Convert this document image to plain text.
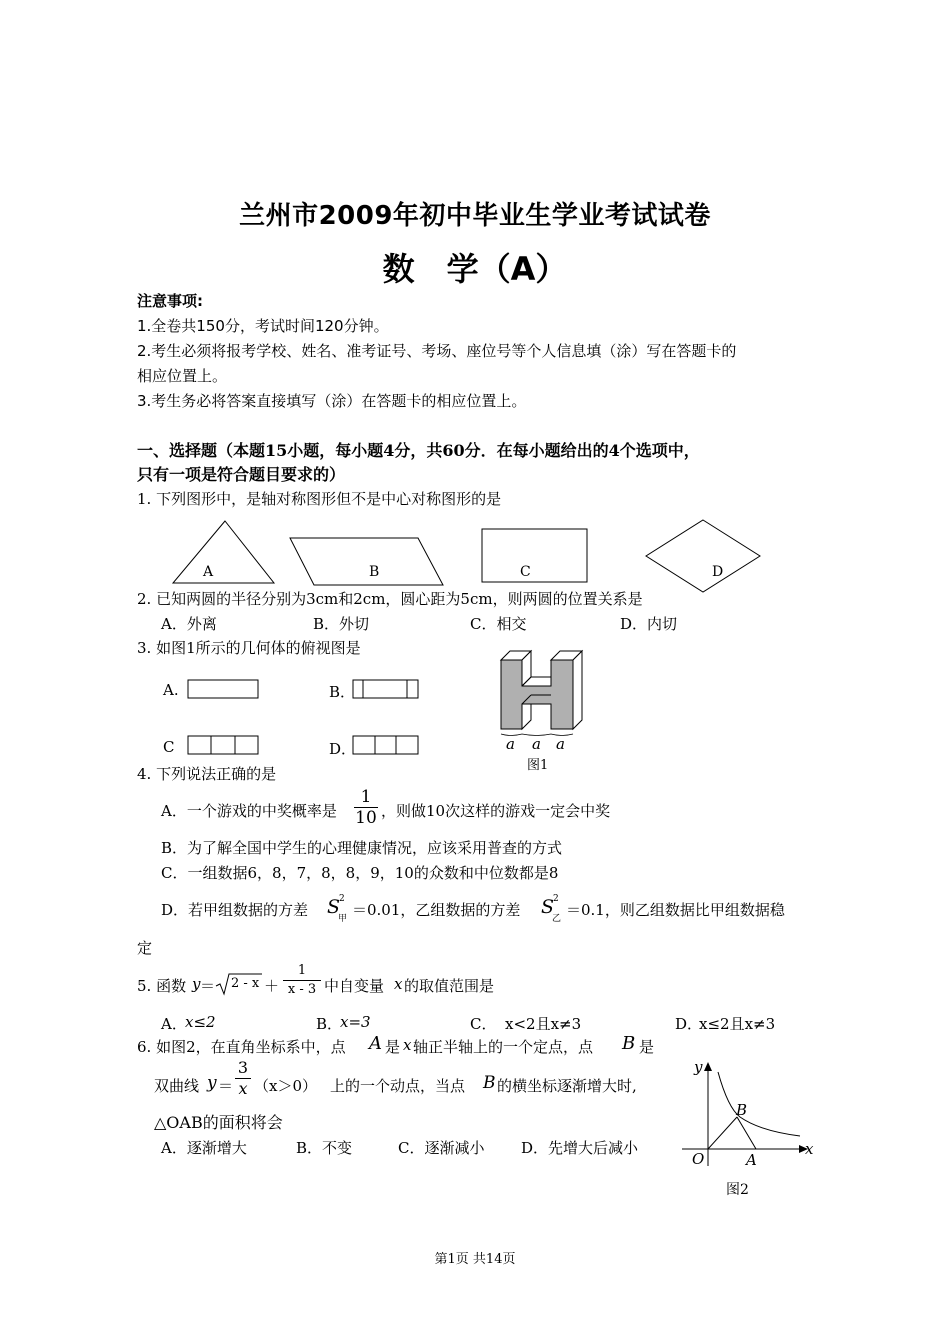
兰州市2009年初中毕业生学业考试试卷
数　学（A）
注意事项:
1.全卷共150分，考试时间120分钟。
2.考生必须将报考学校、姓名、准考证号、考场、座位号等个人信息填（涂）写在答题卡的
相应位置上。
3.考生务必将答案直接填写（涂）在答题卡的相应位置上。
一、选择题（本题15小题，每小题4分，共60分．在每小题给出的4个选项中，
只有一项是符合题目要求的）
1. 下列图形中，是轴对称图形但不是中心对称图形的是
A	B	C	D
2. 已知两圆的半径分别为3cm和2cm，圆心距为5cm，则两圆的位置关系是
A．外离	B．外切	C．相交	D．内切
3. 如图1所示的几何体的俯视图是
A.	B．
C	D．	a a a
图1
4. 下列说法正确的是
A．一个游戏的中奖概率是 $\frac{1}{10}$ ，则做10次这样的游戏一定会中奖
B．为了解全国中学生的心理健康情况，应该采用普查的方式
C．一组数据6，8，7，8，8，9，10的众数和中位数都是8
D．若甲组数据的方差 S
2
甲 ＝0.01，乙组数据的方差 S
2
乙 ＝0.1，则乙组数据比甲组数据稳
定
5. 函数 $y = 2 - x + \frac{1}{x - 3}$ 中自变量 x 的取值范围是
A．
x≤2	B．
x=3	C． x<2且x≠3	D．
x≤2且x≠3
6. 如图2，在直角坐标系中，点 A 是 x 轴正半轴上的一个定点，点 B 是
双曲线 $y = \frac{3}{x} (x>0)$ 上的一个动点，当点 B 的横坐标逐渐增大时,
△OAB的面积将会
A．逐渐增大	B．不变	C．逐渐减小 D．先增大后减小
y
x
O	A
B
图2
第1页 共14页
